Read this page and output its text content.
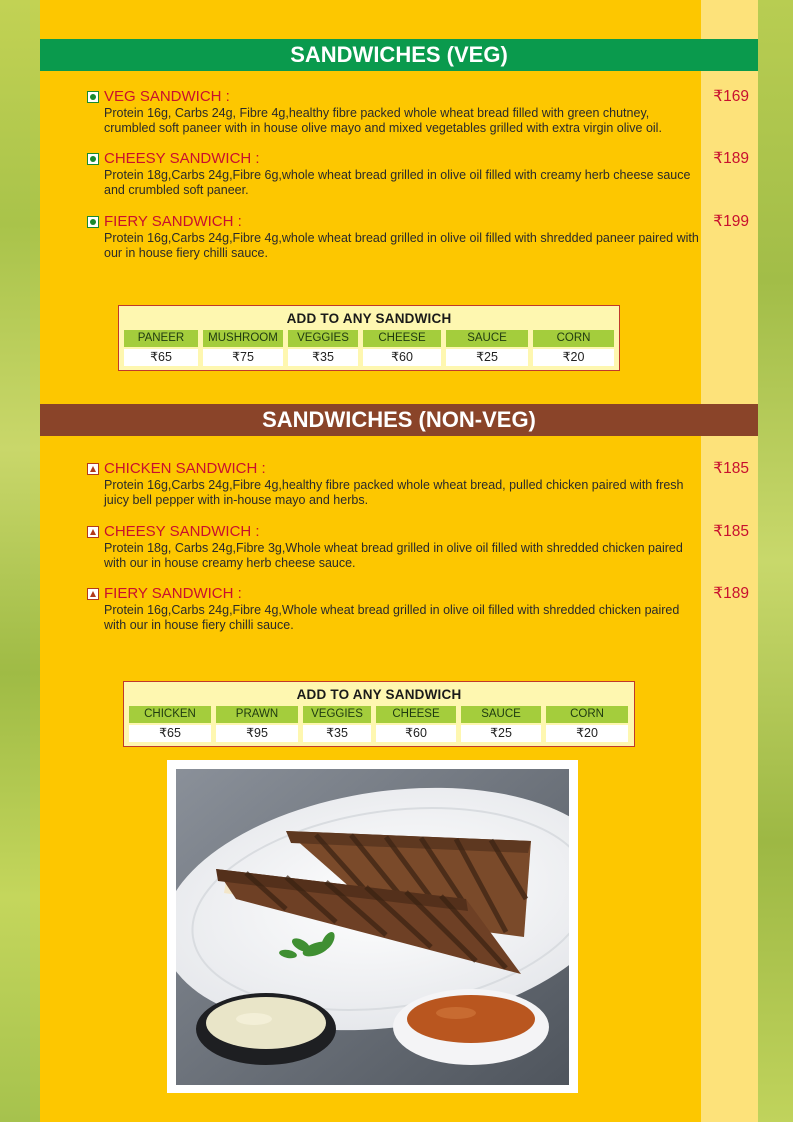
SANDWICHES (VEG)
VEG SANDWICH :
Protein 16g, Carbs 24g, Fibre 4g,healthy fibre packed whole wheat bread filled with green chutney, crumbled soft paneer with in house olive mayo and mixed vegetables grilled with extra virgin olive oil.
₹169
CHEESY SANDWICH :
Protein 18g,Carbs 24g,Fibre 6g,whole wheat bread grilled in olive oil filled with creamy herb cheese sauce and crumbled soft paneer.
₹189
FIERY SANDWICH :
Protein 16g,Carbs 24g,Fibre 4g,whole wheat bread grilled in olive oil filled with shredded paneer paired with our in house fiery chilli sauce.
₹199
ADD TO ANY SANDWICH
PANEER	MUSHROOM	VEGGIES	CHEESE	SAUCE	CORN
₹65	₹75	₹35	₹60	₹25	₹20
SANDWICHES (NON-VEG)
CHICKEN SANDWICH :
Protein 16g,Carbs 24g,Fibre 4g,healthy fibre packed whole wheat bread, pulled chicken paired with fresh juicy bell pepper with in-house mayo and herbs.
₹185
CHEESY SANDWICH :
Protein 18g, Carbs 24g,Fibre 3g,Whole wheat bread grilled in olive oil filled with shredded chicken paired with our in house creamy herb cheese sauce.
₹185
FIERY SANDWICH :
Protein 16g,Carbs 24g,Fibre 4g,Whole wheat bread grilled in olive oil filled with shredded chicken paired with our in house fiery chilli sauce.
₹189
ADD TO ANY SANDWICH
CHICKEN	PRAWN	VEGGIES	CHEESE	SAUCE	CORN
₹65	₹95	₹35	₹60	₹25	₹20
